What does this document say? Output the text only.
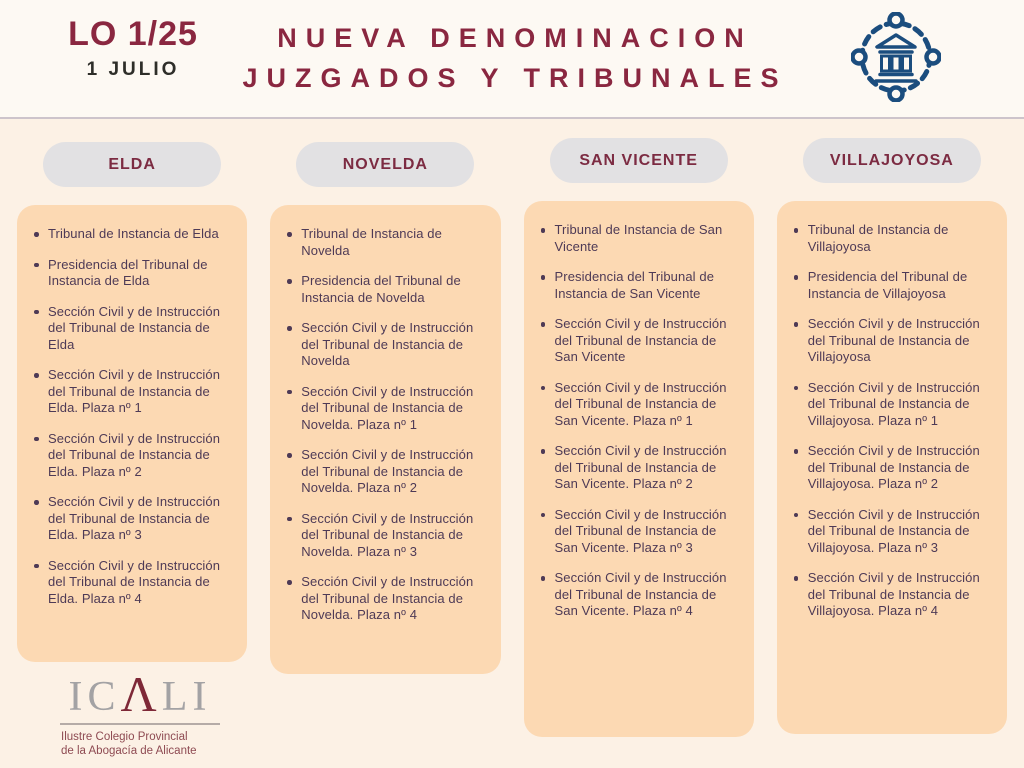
LO 1/25
1 JULIO
NUEVA DENOMINACION
JUZGADOS Y TRIBUNALES
ELDA
Tribunal de Instancia de Elda
Presidencia del Tribunal de Instancia de Elda
Sección Civil y de Instrucción del Tribunal de Instancia de Elda
Sección Civil y de Instrucción del Tribunal de Instancia de Elda. Plaza nº 1
Sección Civil y de Instrucción del Tribunal de Instancia de Elda. Plaza nº 2
Sección Civil y de Instrucción del Tribunal de Instancia de Elda. Plaza nº 3
Sección Civil y de Instrucción del Tribunal de Instancia de Elda. Plaza nº 4
NOVELDA
Tribunal de Instancia de Novelda
Presidencia del Tribunal de Instancia de Novelda
Sección Civil y de Instrucción del Tribunal de Instancia de Novelda
Sección Civil y de Instrucción del Tribunal de Instancia de Novelda. Plaza nº 1
Sección Civil y de Instrucción del Tribunal de Instancia de Novelda. Plaza nº 2
Sección Civil y de Instrucción del Tribunal de Instancia de Novelda. Plaza nº 3
Sección Civil y de Instrucción del Tribunal de Instancia de Novelda. Plaza nº 4
SAN VICENTE
Tribunal de Instancia de San Vicente
Presidencia del Tribunal de Instancia de San Vicente
Sección Civil y de Instrucción del Tribunal de Instancia de San Vicente
Sección Civil y de Instrucción del Tribunal de Instancia de San Vicente. Plaza nº 1
Sección Civil y de Instrucción del Tribunal de Instancia de San Vicente. Plaza nº 2
Sección Civil y de Instrucción del Tribunal de Instancia de San Vicente. Plaza nº 3
Sección Civil y de Instrucción del Tribunal de Instancia de San Vicente. Plaza nº 4
VILLAJOYOSA
Tribunal de Instancia de Villajoyosa
Presidencia del Tribunal de Instancia de Villajoyosa
Sección Civil y de Instrucción del Tribunal de Instancia de Villajoyosa
Sección Civil y de Instrucción del Tribunal de Instancia de Villajoyosa. Plaza nº 1
Sección Civil y de Instrucción del Tribunal de Instancia de Villajoyosa. Plaza nº 2
Sección Civil y de Instrucción del Tribunal de Instancia de Villajoyosa. Plaza nº 3
Sección Civil y de Instrucción del Tribunal de Instancia de Villajoyosa. Plaza nº 4
ICΛLI
Ilustre Colegio Provincial
de la Abogacía de Alicante
